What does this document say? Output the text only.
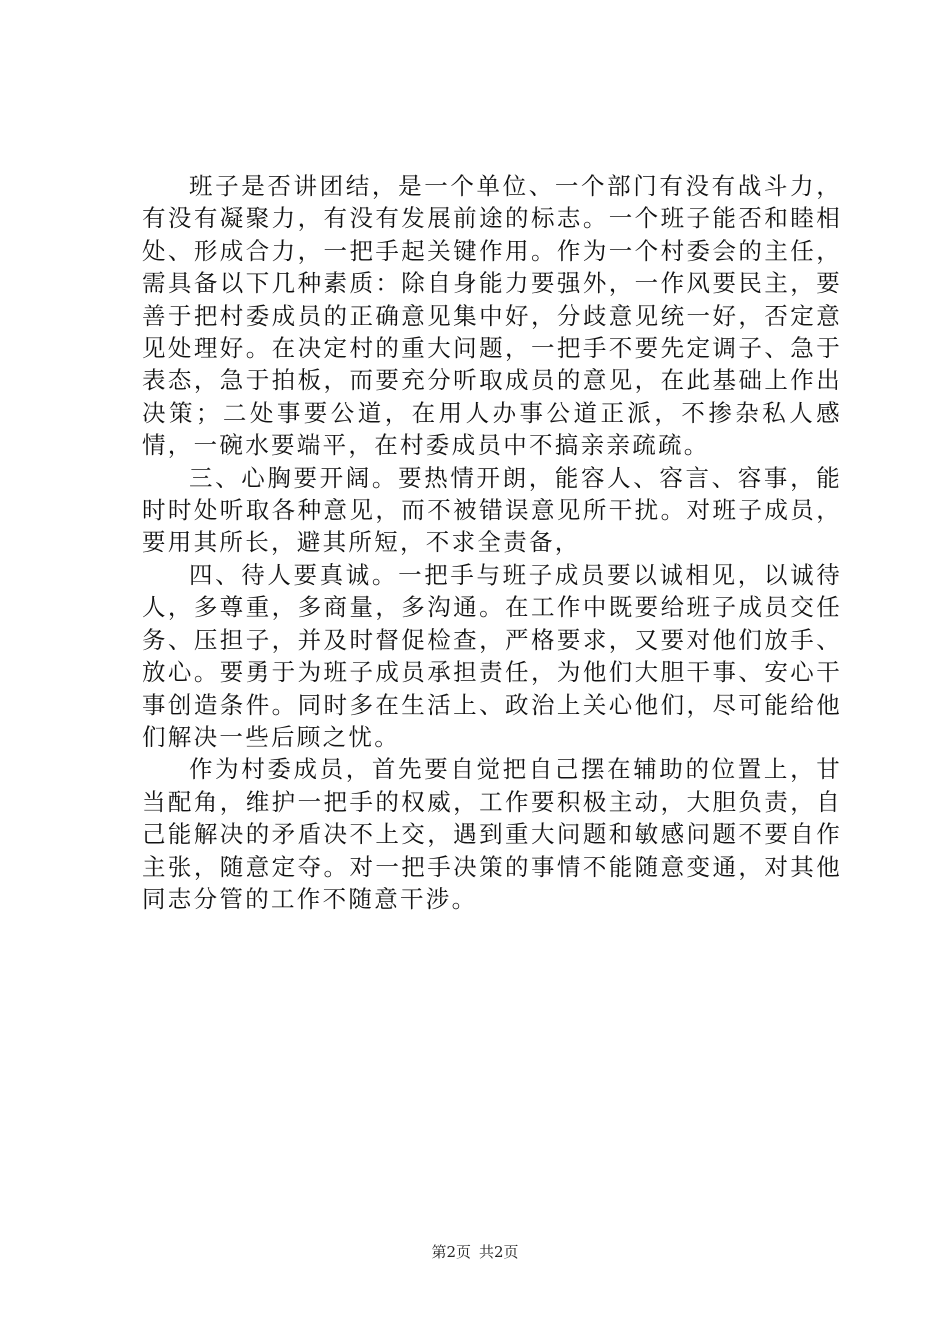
班子是否讲团结，是一个单位、一个部门有没有战斗力，有没有凝聚力，有没有发展前途的标志。一个班子能否和睦相处、形成合力，一把手起关键作用。作为一个村委会的主任，需具备以下几种素质：除自身能力要强外，一作风要民主，要善于把村委成员的正确意见集中好，分歧意见统一好，否定意见处理好。在决定村的重大问题，一把手不要先定调子、急于表态，急于拍板，而要充分听取成员的意见，在此基础上作出决策；二处事要公道，在用人办事公道正派，不掺杂私人感情，一碗水要端平，在村委成员中不搞亲亲疏疏。

三、心胸要开阔。要热情开朗，能容人、容言、容事，能时时处听取各种意见，而不被错误意见所干扰。对班子成员，要用其所长，避其所短，不求全责备，

四、待人要真诚。一把手与班子成员要以诚相见，以诚待人，多尊重，多商量，多沟通。在工作中既要给班子成员交任务、压担子，并及时督促检查，严格要求，又要对他们放手、放心。要勇于为班子成员承担责任，为他们大胆干事、安心干事创造条件。同时多在生活上、政治上关心他们，尽可能给他们解决一些后顾之忧。

作为村委成员，首先要自觉把自己摆在辅助的位置上，甘当配角，维护一把手的权威，工作要积极主动，大胆负责，自己能解决的矛盾决不上交，遇到重大问题和敏感问题不要自作主张，随意定夺。对一把手决策的事情不能随意变通，对其他同志分管的工作不随意干涉。

第2页 共2页
